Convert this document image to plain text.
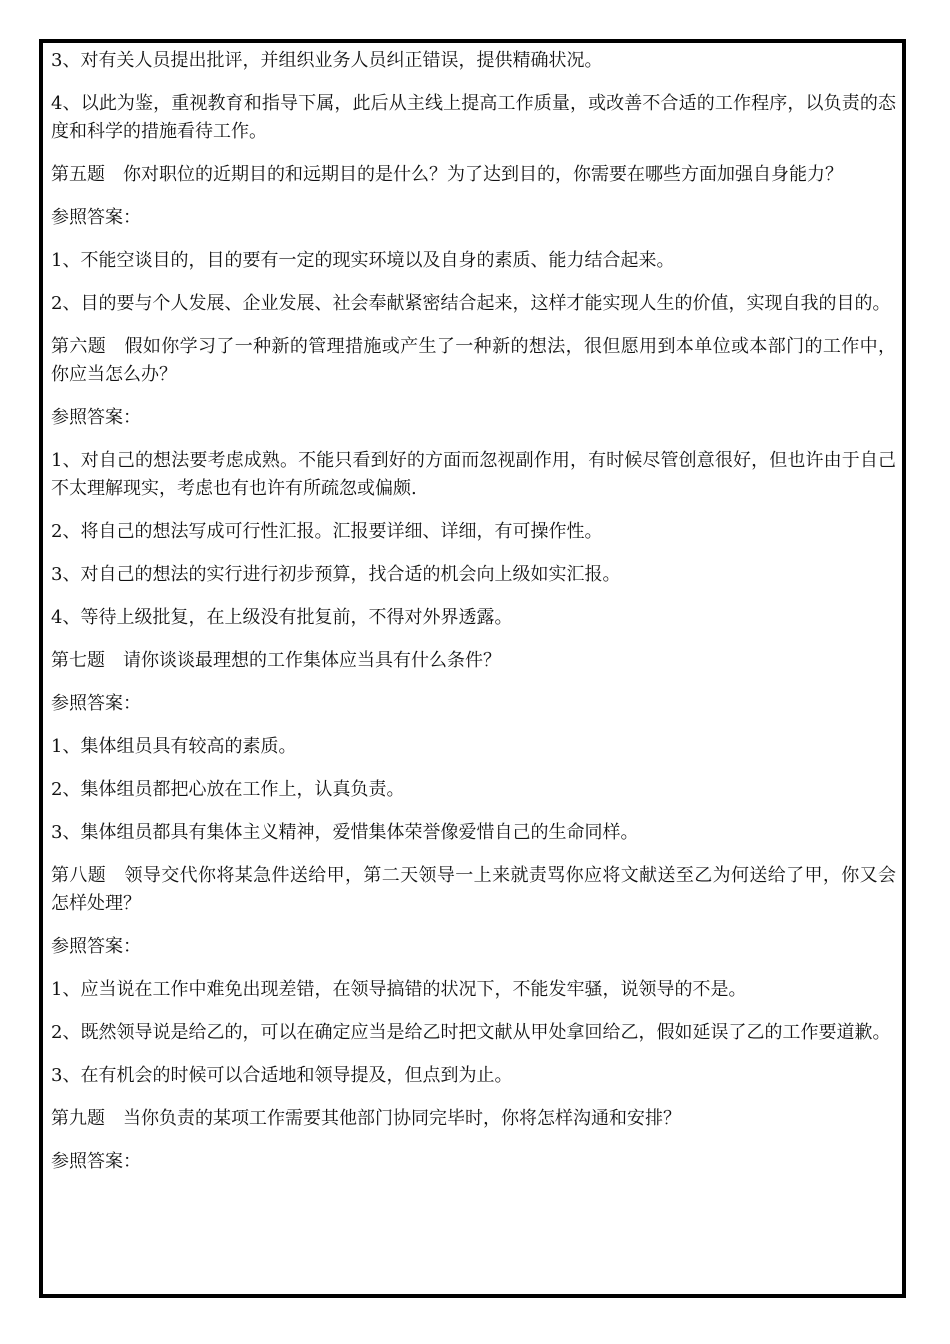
3、对有关人员提出批评，并组织业务人员纠正错误，提供精确状况。

4、以此为鉴，重视教育和指导下属，此后从主线上提高工作质量，或改善不合适的工作程序，以负责的态度和科学的措施看待工作。

第五题　你对职位的近期目的和远期目的是什么？为了达到目的，你需要在哪些方面加强自身能力？

参照答案：

1、不能空谈目的，目的要有一定的现实环境以及自身的素质、能力结合起来。

2、目的要与个人发展、企业发展、社会奉献紧密结合起来，这样才能实现人生的价值，实现自我的目的。

第六题　假如你学习了一种新的管理措施或产生了一种新的想法，很但愿用到本单位或本部门的工作中，你应当怎么办？

参照答案：

1、对自己的想法要考虑成熟。不能只看到好的方面而忽视副作用，有时候尽管创意很好，但也许由于自己不太理解现实，考虑也有也许有所疏忽或偏颇.

2、将自己的想法写成可行性汇报。汇报要详细、详细，有可操作性。

3、对自己的想法的实行进行初步预算，找合适的机会向上级如实汇报。

4、等待上级批复，在上级没有批复前，不得对外界透露。

第七题　请你谈谈最理想的工作集体应当具有什么条件？

参照答案：

1、集体组员具有较高的素质。

2、集体组员都把心放在工作上，认真负责。

3、集体组员都具有集体主义精神，爱惜集体荣誉像爱惜自己的生命同样。

第八题　领导交代你将某急件送给甲，第二天领导一上来就责骂你应将文献送至乙为何送给了甲，你又会怎样处理？

参照答案：

1、应当说在工作中难免出现差错，在领导搞错的状况下，不能发牢骚，说领导的不是。

2、既然领导说是给乙的，可以在确定应当是给乙时把文献从甲处拿回给乙，假如延误了乙的工作要道歉。

3、在有机会的时候可以合适地和领导提及，但点到为止。

第九题　当你负责的某项工作需要其他部门协同完毕时，你将怎样沟通和安排？

参照答案：
